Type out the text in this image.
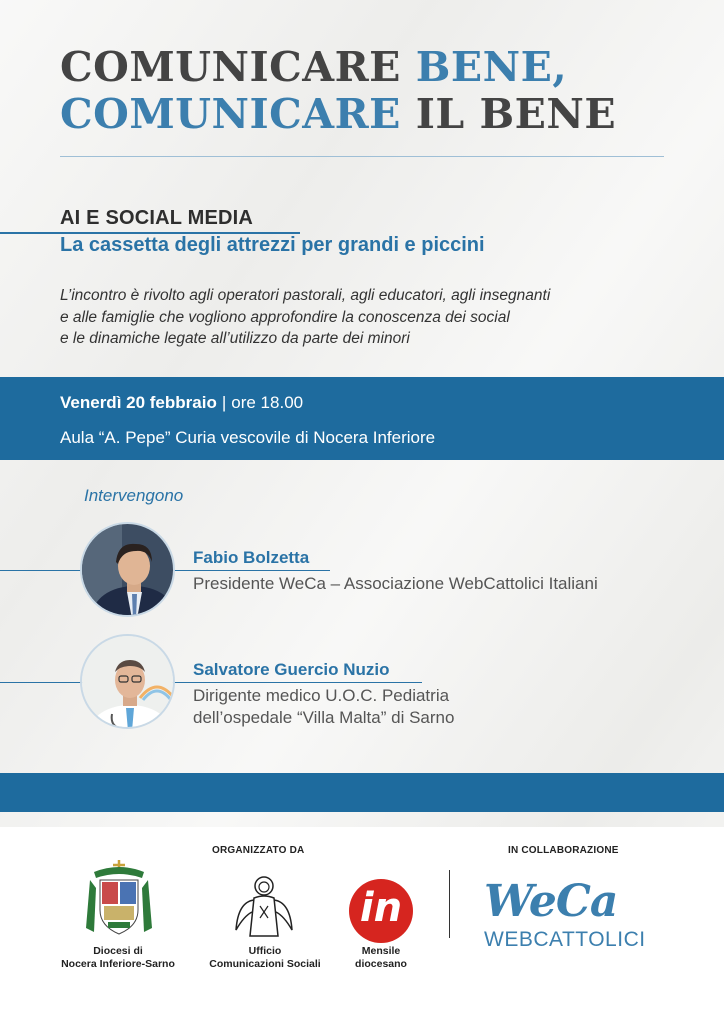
COMUNICARE BENE,
COMUNICARE IL BENE
AI E SOCIAL MEDIA
La cassetta degli attrezzi per grandi e piccini
L’incontro è rivolto agli operatori pastorali, agli educatori, agli insegnanti
e alle famiglie che vogliono approfondire la conoscenza dei social
e le dinamiche legate all’utilizzo da parte dei minori
Venerdì 20 febbraio | ore 18.00
Aula “A. Pepe” Curia vescovile di Nocera Inferiore
Intervengono
Fabio Bolzetta
Presidente WeCa – Associazione WebCattolici Italiani
Salvatore Guercio Nuzio
Dirigente medico U.O.C. Pediatria
dell’ospedale “Villa Malta” di Sarno
ORGANIZZATO DA	IN COLLABORAZIONE
Diocesi di
Nocera Inferiore-Sarno
Ufficio
Comunicazioni Sociali
in
Mensile
diocesano
WeCa
WEBCATTOLICI
